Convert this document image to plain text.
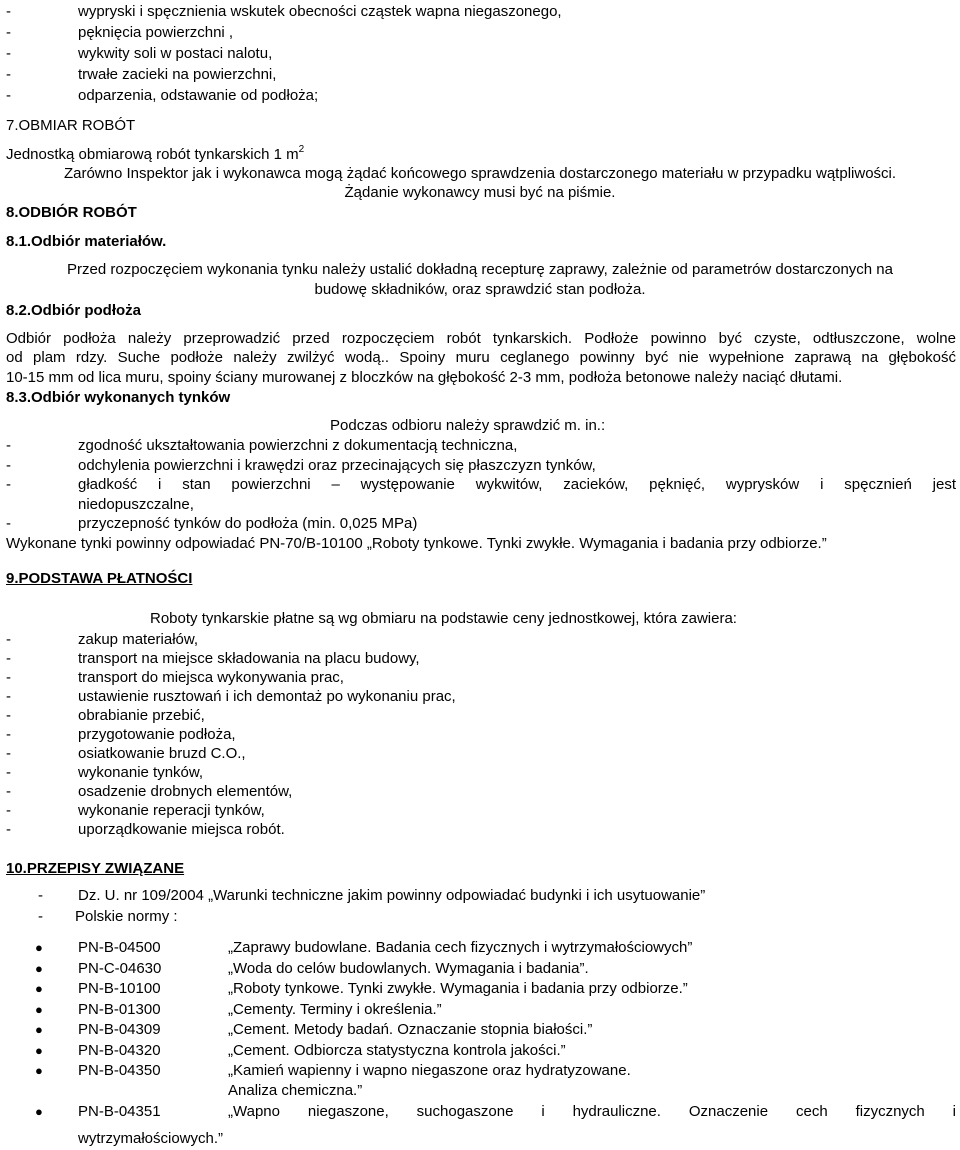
-	wypryski i spęcznienia wskutek obecności cząstek wapna niegaszonego,
-	pęknięcia powierzchni ,
-	wykwity soli w postaci nalotu,
-	trwałe zacieki na powierzchni,
-	odparzenia, odstawanie od podłoża;
7.OBMIAR ROBÓT
Jednostką obmiarową robót tynkarskich 1 $m^2$
Zarówno Inspektor jak i wykonawca mogą żądać końcowego sprawdzenia dostarczonego materiału w przypadku wątpliwości.
Żądanie wykonawcy musi być na piśmie.
8.ODBIÓR ROBÓT
8.1.Odbiór materiałów.
Przed rozpoczęciem wykonania tynku należy ustalić dokładną recepturę zaprawy, zależnie od parametrów dostarczonych na
budowę składników, oraz sprawdzić stan podłoża.
8.2.Odbiór podłoża
Odbiór podłoża należy przeprowadzić przed rozpoczęciem robót tynkarskich. Podłoże powinno być czyste, odtłuszczone, wolne
od plam rdzy. Suche podłoże należy zwilżyć wodą.. Spoiny muru ceglanego powinny być nie wypełnione zaprawą na głębokość
10-15 mm od lica muru, spoiny ściany murowanej z bloczków na głębokość 2-3 mm, podłoża betonowe należy naciąć dłutami.
8.3.Odbiór wykonanych tynków
Podczas odbioru należy sprawdzić m. in.:
-	zgodność ukształtowania powierzchni z dokumentacją techniczna,
-	odchylenia powierzchni i krawędzi oraz przecinających się płaszczyzn tynków,
-	gładkość i stan powierzchni – występowanie wykwitów, zacieków, pęknięć, wyprysków i spęcznień jest
niedopuszczalne,
-	przyczepność tynków do podłoża (min. 0,025 MPa)
Wykonane tynki powinny odpowiadać PN-70/B-10100 „Roboty tynkowe. Tynki zwykłe. Wymagania i badania przy odbiorze.”
9.PODSTAWA PŁATNOŚCI
Roboty tynkarskie płatne są wg obmiaru na podstawie ceny jednostkowej, która zawiera:
-	zakup materiałów,
-	transport na miejsce składowania na placu budowy,
-	transport do miejsca wykonywania prac,
-	ustawienie rusztowań i ich demontaż po wykonaniu prac,
-	obrabianie przebić,
-	przygotowanie podłoża,
-	osiatkowanie bruzd C.O.,
-	wykonanie tynków,
-	osadzenie drobnych elementów,
-	wykonanie reperacji tynków,
-	uporządkowanie miejsca robót.
10.PRZEPISY ZWIĄZANE
- Dz. U. nr 109/2004 „Warunki techniczne jakim powinny odpowiadać budynki i ich usytuowanie”
- Polskie normy :
● PN-B-04500	„Zaprawy budowlane. Badania cech fizycznych i wytrzymałościowych”
● PN-C-04630	„Woda do celów budowlanych. Wymagania i badania”.
● PN-B-10100	„Roboty tynkowe. Tynki zwykłe. Wymagania i badania przy odbiorze.”
● PN-B-01300	„Cementy. Terminy i określenia.”
● PN-B-04309	„Cement. Metody badań. Oznaczanie stopnia białości.”
● PN-B-04320	„Cement. Odbiorcza statystyczna kontrola jakości.”
● PN-B-04350	„Kamień wapienny i wapno niegaszone oraz hydratyzowane.
Analiza chemiczna.”
● PN-B-04351	„Wapno niegaszone, suchogaszone i hydrauliczne. Oznaczenie cech fizycznych i
wytrzymałościowych.”
